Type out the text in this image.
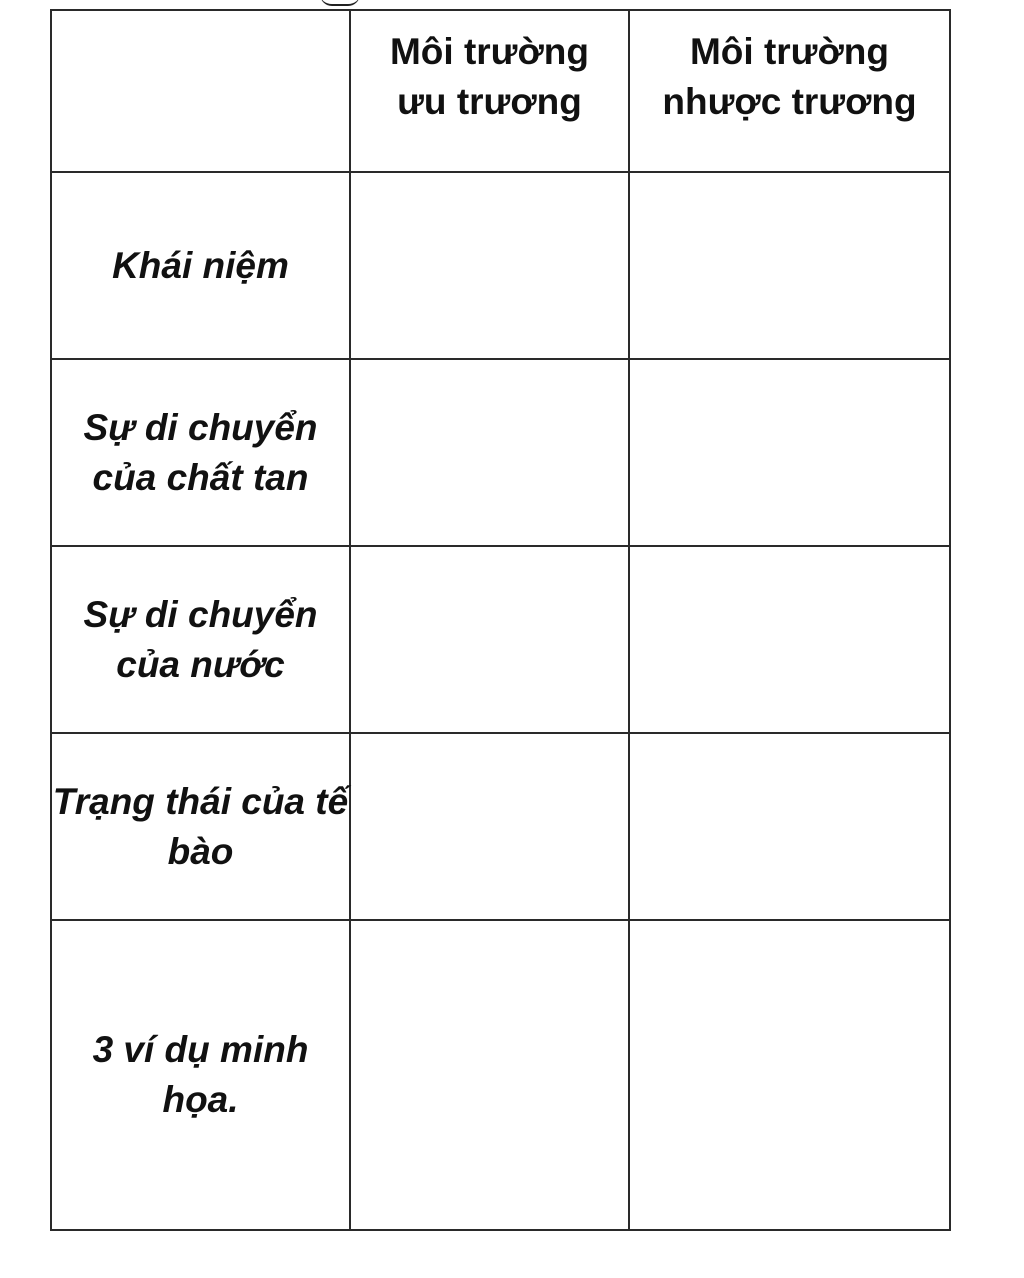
	Môi trường ưu trương	Môi trường nhược trương
Khái niệm		
Sự di chuyển của chất tan		
Sự di chuyển của nước		
Trạng thái của tế bào		
3 ví dụ minh họa.		
